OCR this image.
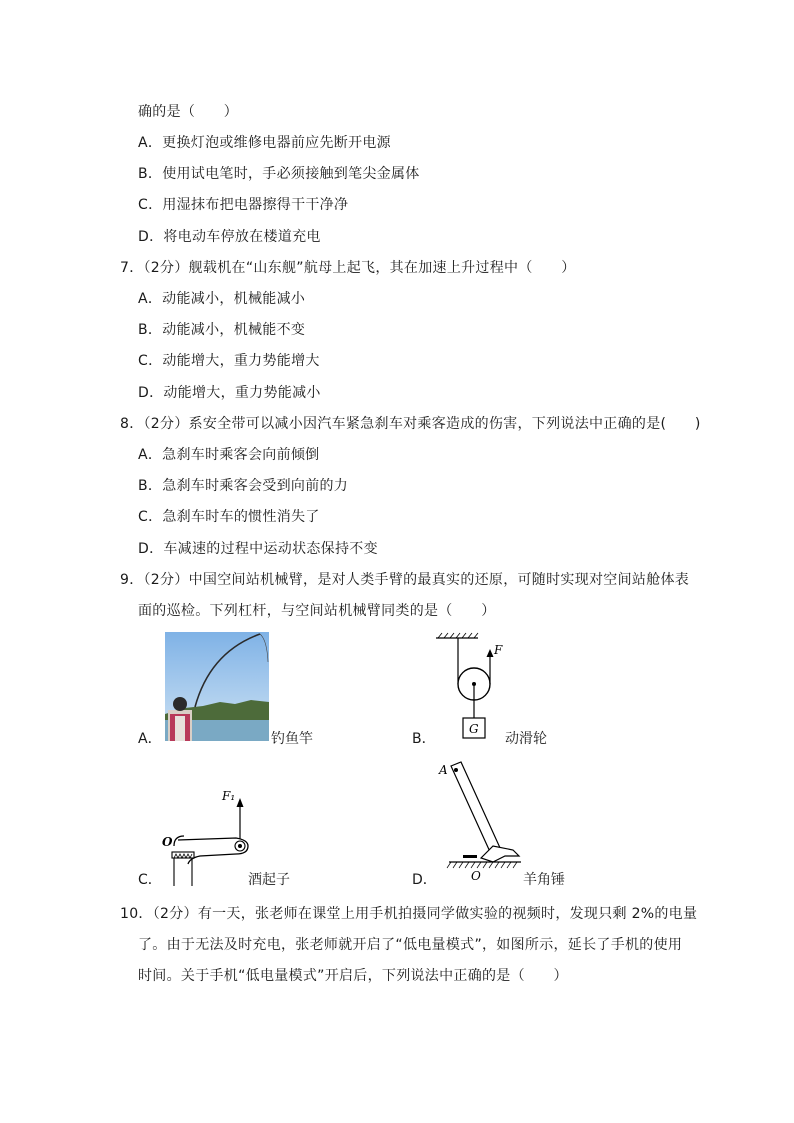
确的是（　　）
A．更换灯泡或维修电器前应先断开电源
B．使用试电笔时，手必须接触到笔尖金属体
C．用湿抹布把电器擦得干干净净
D．将电动车停放在楼道充电
7．（2分）舰载机在“山东舰”航母上起飞，其在加速上升过程中（　　）
A．动能减小，机械能减小
B．动能减小，机械能不变
C．动能增大，重力势能增大
D．动能增大，重力势能减小
8．（2分）系安全带可以减小因汽车紧急刹车对乘客造成的伤害，下列说法中正确的是(　　)
A．急刹车时乘客会向前倾倒
B．急刹车时乘客会受到向前的力
C．急刹车时车的惯性消失了
D．车减速的过程中运动状态保持不变
9．（2分）中国空间站机械臂，是对人类手臂的最真实的还原，可随时实现对空间站舱体表
面的巡检。下列杠杆，与空间站机械臂同类的是（　　）
A．	钓鱼竿	B．
F
G
动滑轮
C．
F₁
O
酒起子	D．
A
O	羊角锤
10．（2分）有一天，张老师在课堂上用手机拍摄同学做实验的视频时，发现只剩 2%的电量
了。由于无法及时充电，张老师就开启了“低电量模式”，如图所示，延长了手机的使用
时间。关于手机“低电量模式”开启后，下列说法中正确的是（　　）
